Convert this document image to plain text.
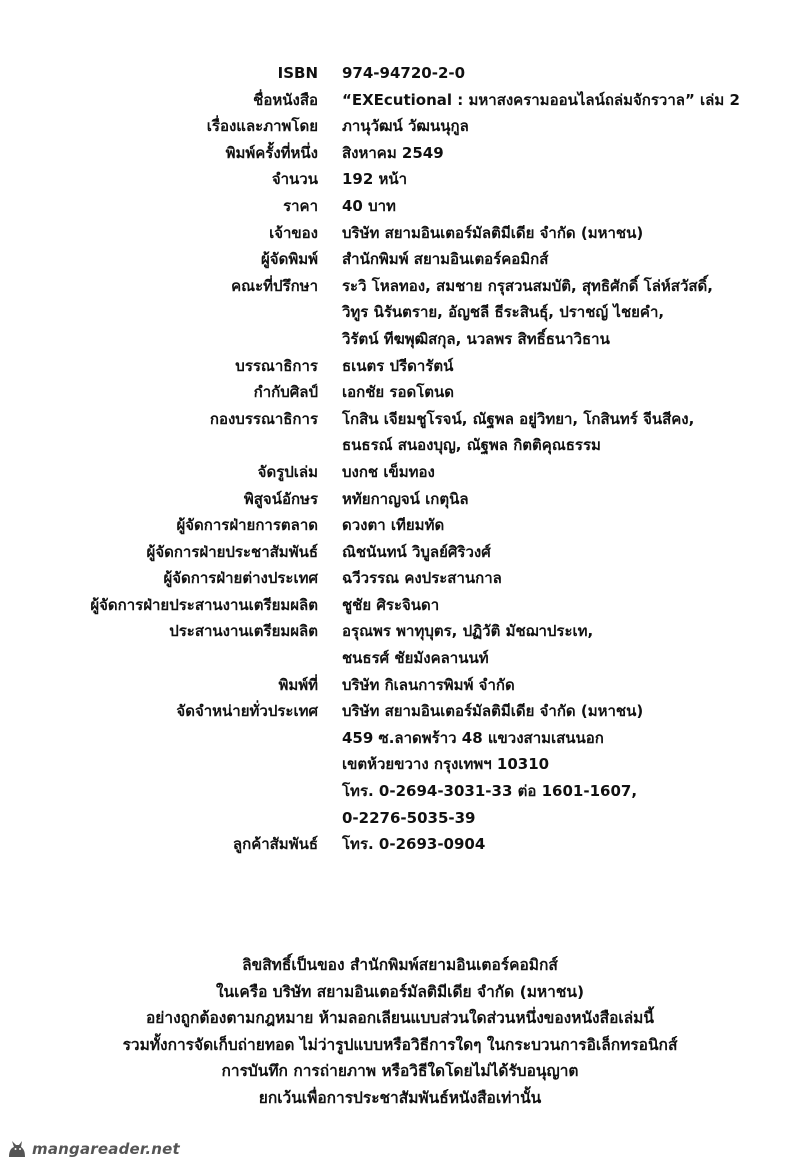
ISBN 974-94720-2-0
ชื่อหนังสือ “EXEcutional : มหาสงครามออนไลน์ถล่มจักรวาล” เล่ม 2
เรื่องและภาพโดย ภานุวัฒน์ วัฒนนุกูล
พิมพ์ครั้งที่หนึ่ง สิงหาคม 2549
จำนวน 192 หน้า
ราคา 40 บาท
เจ้าของ บริษัท สยามอินเตอร์มัลติมีเดีย จำกัด (มหาชน)
ผู้จัดพิมพ์ สำนักพิมพ์ สยามอินเตอร์คอมิกส์
คณะที่ปรึกษา ระวิ โหลทอง, สมชาย กรุสวนสมบัติ, สุทธิศักดิ์ โล่ห์สวัสดิ์,
วิทูร นิรันตราย, อัญชลี ธีระสินธุ์, ปราชญ์ ไชยคำ,
วิรัตน์ ทีฆพุฒิสกุล, นวลพร สิทธิ์ธนาวิธาน
บรรณาธิการ ธเนตร ปรีดารัตน์
กำกับศิลป์ เอกชัย รอดโตนด
กองบรรณาธิการ โกสิน เจียมชูโรจน์, ณัฐพล อยู่วิทยา, โกสินทร์ จีนสีคง,
ธนธรณ์ สนองบุญ, ณัฐพล กิตติคุณธรรม
จัดรูปเล่ม บงกช เข็มทอง
พิสูจน์อักษร หทัยกาญจน์ เกตุนิล
ผู้จัดการฝ่ายการตลาด ดวงตา เทียมทัด
ผู้จัดการฝ่ายประชาสัมพันธ์ ณิชนันทน์ วิบูลย์ศิริวงศ์
ผู้จัดการฝ่ายต่างประเทศ ฉวีวรรณ คงประสานกาล
ผู้จัดการฝ่ายประสานงานเตรียมผลิต ชูชัย ศิระจินดา
ประสานงานเตรียมผลิต อรุณพร พาทุบุตร, ปฏิวัติ มัชฌาประเท,
ชนธรศ์ ชัยมังคลานนท์
พิมพ์ที่ บริษัท กิเลนการพิมพ์ จำกัด
จัดจำหน่ายทั่วประเทศ บริษัท สยามอินเตอร์มัลติมีเดีย จำกัด (มหาชน)
459 ซ.ลาดพร้าว 48 แขวงสามเสนนอก
เขตห้วยขวาง กรุงเทพฯ 10310
โทร. 0-2694-3031-33 ต่อ 1601-1607,
0-2276-5035-39
ลูกค้าสัมพันธ์ โทร. 0-2693-0904
ลิขสิทธิ์เป็นของ สำนักพิมพ์สยามอินเตอร์คอมิกส์
ในเครือ บริษัท สยามอินเตอร์มัลติมีเดีย จำกัด (มหาชน)
อย่างถูกต้องตามกฎหมาย ห้ามลอกเลียนแบบส่วนใดส่วนหนึ่งของหนังสือเล่มนี้
รวมทั้งการจัดเก็บถ่ายทอด ไม่ว่ารูปแบบหรือวิธีการใดๆ ในกระบวนการอิเล็กทรอนิกส์
การบันทึก การถ่ายภาพ หรือวิธีใดโดยไม่ได้รับอนุญาต
ยกเว้นเพื่อการประชาสัมพันธ์หนังสือเท่านั้น
mangareader.net
